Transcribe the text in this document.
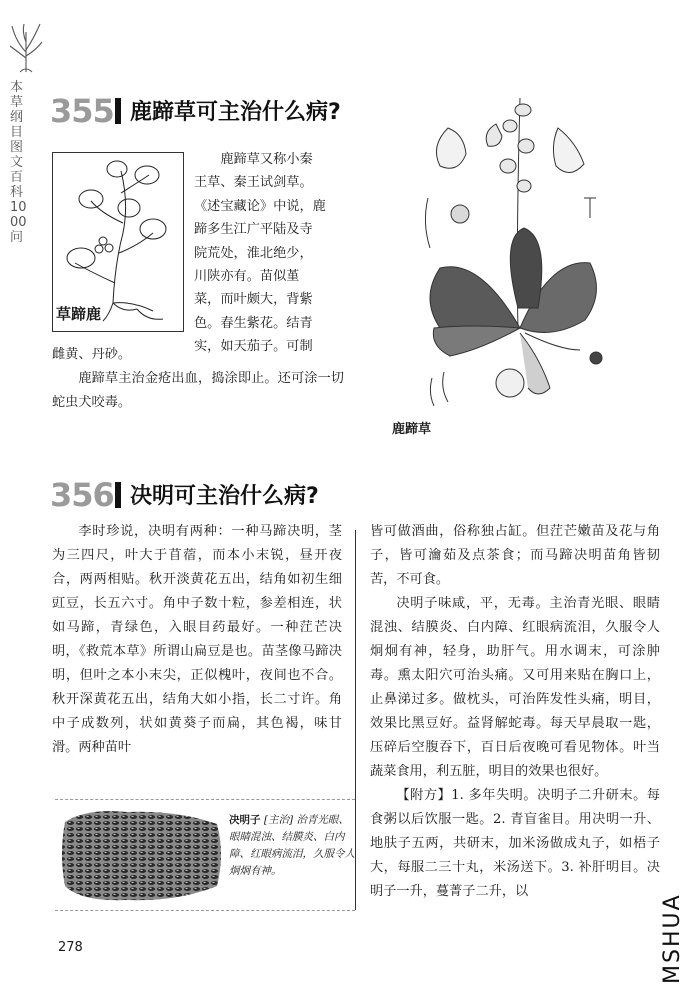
本草纲目图文百科1000问
355 鹿蹄草可主治什么病?
草蹄鹿
鹿蹄草又称小秦
王草、秦王试剑草。
《述宝藏论》中说，鹿
蹄多生江广平陆及寺
院荒处，淮北绝少，
川陕亦有。苗似堇
菜，而叶颇大，背紫
色。春生紫花。结青
实，如天茄子。可制
雌黄、丹砂。

鹿蹄草主治金疮出血，捣涂即止。还可涂一切蛇虫犬咬毒。

鹿蹄草
356 决明可主治什么病?

李时珍说，决明有两种：一种马蹄决明，茎为三四尺，叶大于苜蓿，而本小末锐，昼开夜合，两两相贴。秋开淡黄花五出，结角如初生细豇豆，长五六寸。角中子数十粒，参差相连，状如马蹄，青绿色，入眼目药最好。一种茳芒决明，《救荒本草》所谓山扁豆是也。苗茎像马蹄决明，但叶之本小末尖，正似槐叶，夜间也不合。秋开深黄花五出，结角大如小指，长二寸许。角中子成数列，状如黄葵子而扁，其色褐，味甘滑。两种苗叶

皆可做酒曲，俗称独占缸。但茳芒嫩苗及花与角子，皆可瀹茹及点茶食；而马蹄决明苗角皆韧苦，不可食。

决明子味咸，平，无毒。主治青光眼、眼睛混浊、结膜炎、白内障、红眼病流泪，久服令人炯炯有神，轻身，助肝气。用水调末，可涂肿毒。熏太阳穴可治头痛。又可用来贴在胸口上，止鼻涕过多。做枕头，可治阵发性头痛，明目，效果比黑豆好。益肾解蛇毒。每天早晨取一匙，压碎后空腹吞下，百日后夜晚可看见物体。叶当蔬菜食用，利五脏，明目的效果也很好。

【附方】1. 多年失明。决明子二升研末。每食粥以后饮服一匙。2. 青盲雀目。用决明一升、地肤子五两，共研末，加米汤做成丸子，如梧子大，每服二三十丸，米汤送下。3. 补肝明目。决明子一升，蔓菁子二升，以

决明子 [主治] 治青光眼、眼睛混浊、结膜炎、白内障、红眼病流泪，久服令人炯炯有神。
278	MSHUA
